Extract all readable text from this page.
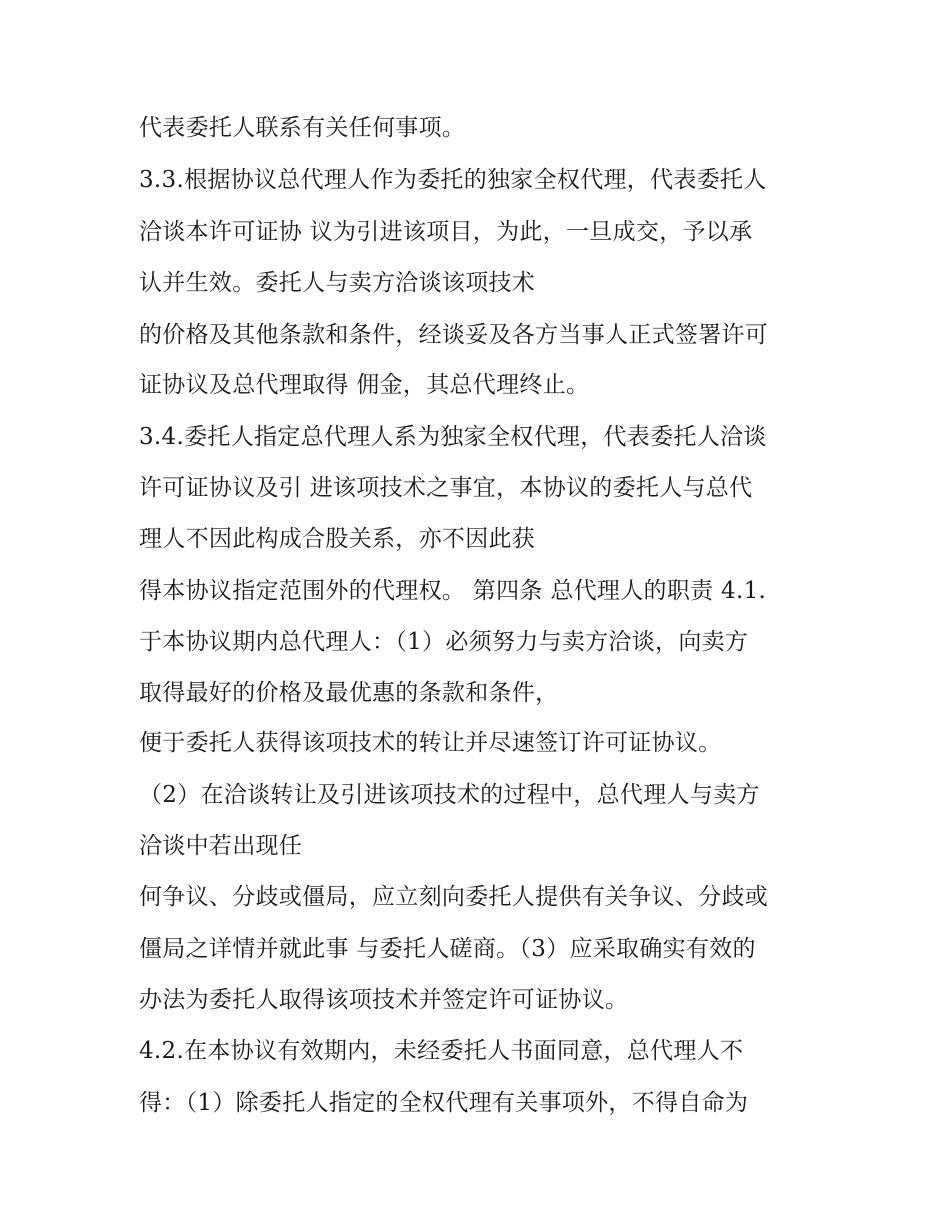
代表委托人联系有关任何事项。
3.3.根据协议总代理人作为委托的独家全权代理，代表委托人
洽谈本许可证协 议为引进该项目，为此，一旦成交，予以承
认并生效。委托人与卖方洽谈该项技术
的价格及其他条款和条件，经谈妥及各方当事人正式签署许可
证协议及总代理取得 佣金，其总代理终止。
3.4.委托人指定总代理人系为独家全权代理，代表委托人洽谈
许可证协议及引 进该项技术之事宜，本协议的委托人与总代
理人不因此构成合股关系，亦不因此获
得本协议指定范围外的代理权。 第四条 总代理人的职责 4.1.
于本协议期内总代理人：（1）必须努力与卖方洽谈，向卖方
取得最好的价格及最优惠的条款和条件，
便于委托人获得该项技术的转让并尽速签订许可证协议。
（2）在洽谈转让及引进该项技术的过程中，总代理人与卖方
洽谈中若出现任
何争议、分歧或僵局，应立刻向委托人提供有关争议、分歧或
僵局之详情并就此事 与委托人磋商。（3）应采取确实有效的
办法为委托人取得该项技术并签定许可证协议。
4.2.在本协议有效期内，未经委托人书面同意，总代理人不
得：（1）除委托人指定的全权代理有关事项外，不得自命为
